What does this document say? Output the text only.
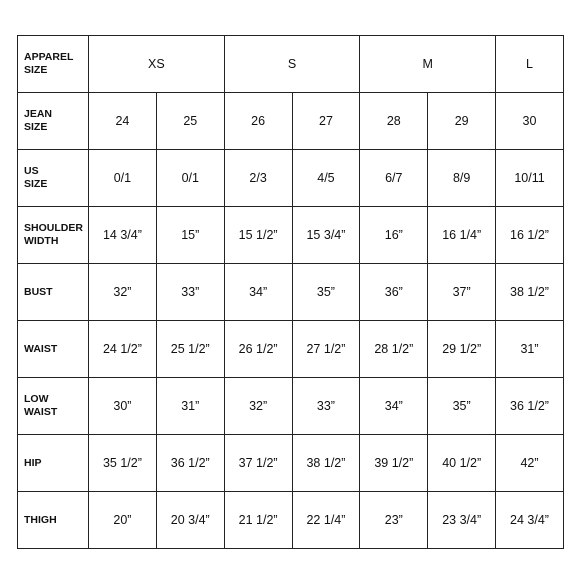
APPAREL
SIZE	XS		S		M		L

JEAN
SIZE	24	25	26	27	28	29	30

US
SIZE	0/1	0/1	2/3	4/5	6/7	8/9	10/11

SHOULDER
WIDTH	14 3/4”	15”	15 1/2”	15 3/4”	16”	16 1/4”	16 1/2”

BUST	32”	33”	34”	35”	36”	37”	38 1/2”

WAIST	24 1/2”	25 1/2”	26 1/2”	27 1/2”	28 1/2”	29 1/2”	31”

LOW
WAIST	30”	31”	32”	33”	34”	35”	36 1/2”

HIP	35 1/2”	36 1/2”	37 1/2”	38 1/2”	39 1/2”	40 1/2”	42”

THIGH	20”	20 3/4”	21 1/2”	22 1/4”	23”	23 3/4”	24 3/4”
